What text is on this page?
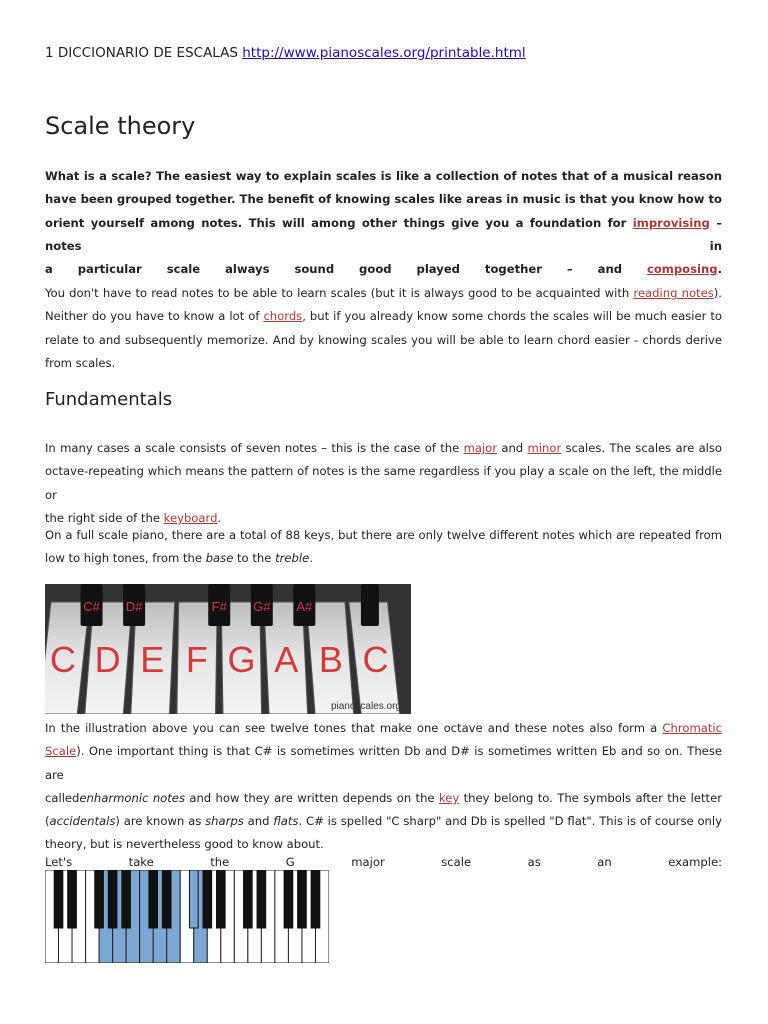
1 DICCIONARIO DE ESCALAS http://www.pianoscales.org/printable.html
Scale theory
What is a scale? The easiest way to explain scales is like a collection of notes that of a musical reason
have been grouped together. The benefit of knowing scales like areas in music is that you know how to
orient yourself among notes. This will among other things give you a foundation for improvising – notes in
a particular scale always sound good played together – and composing.
You don't have to read notes to be able to learn scales (but it is always good to be acquainted with reading notes).
Neither do you have to know a lot of chords, but if you already know some chords the scales will be much easier to
relate to and subsequently memorize. And by knowing scales you will be able to learn chord easier - chords derive
from scales.
Fundamentals
In many cases a scale consists of seven notes – this is the case of the major and minor scales. The scales are also
octave-repeating which means the pattern of notes is the same regardless if you play a scale on the left, the middle or
the right side of the keyboard.
On a full scale piano, there are a total of 88 keys, but there are only twelve different notes which are repeated from
low to high tones, from the base to the treble.
C D E F G A B C
C# D#	F# G# A#
pianoscales.org
In the illustration above you can see twelve tones that make one octave and these notes also form a Chromatic
Scale). One important thing is that C# is sometimes written Db and D# is sometimes written Eb and so on. These are
calledenharmonic notes and how they are written depends on the key they belong to. The symbols after the letter
(accidentals) are known as sharps and flats. C# is spelled "C sharp" and Db is spelled "D flat". This is of course only
theory, but is nevertheless good to know about.
Let's take the G major scale as an example:
